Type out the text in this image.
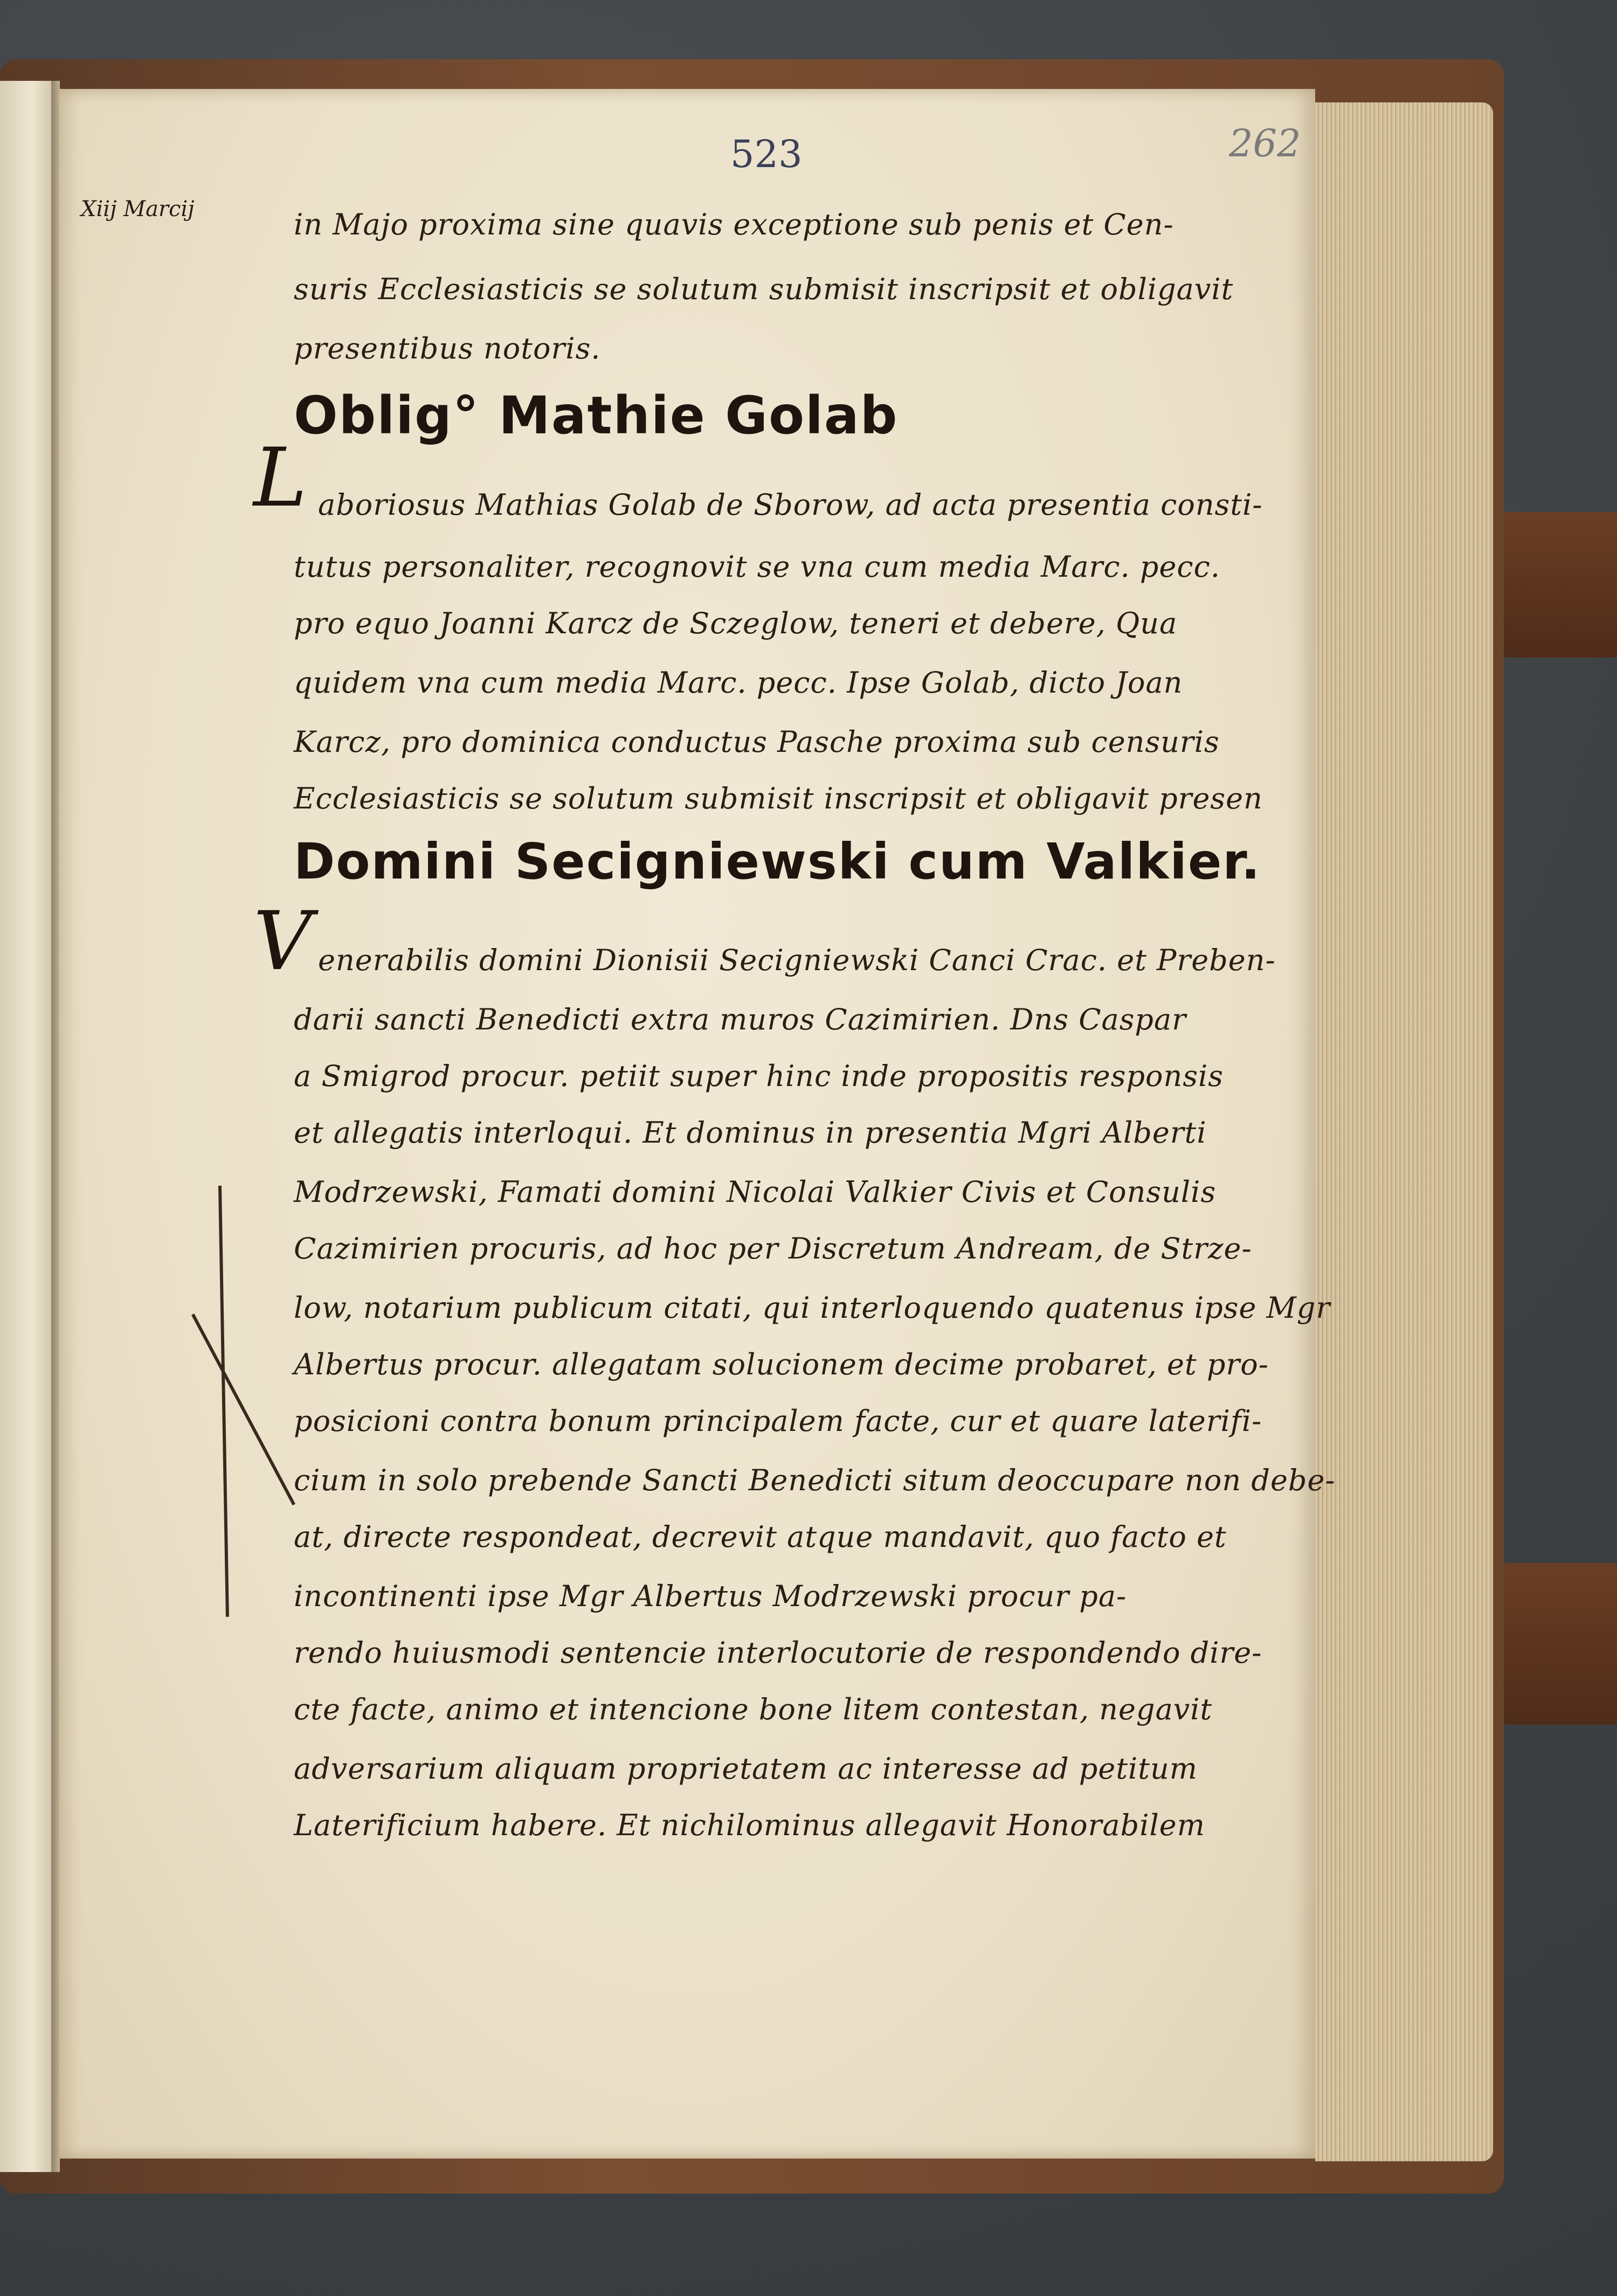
523	262
Xiij Marcij	in Majo proxima sine quavis exceptione sub penis et Cen-
suris Ecclesiasticis se solutum submisit inscripsit et obligavit
presentibus notoris.
Oblig° Mathie Golab
L aboriosus Mathias Golab de Sborow, ad acta presentia consti-
tutus personaliter, recognovit se vna cum media Marc. pecc.
pro equo Joanni Karcz de Sczeglow, teneri et debere, Qua
quidem vna cum media Marc. pecc. Ipse Golab, dicto Joan
Karcz, pro dominica conductus Pasche proxima sub censuris
Ecclesiasticis se solutum submisit inscripsit et obligavit presen
Domini Secigniewski cum Valkier.
V enerabilis domini Dionisii Secigniewski Canci Crac. et Preben-
darii sancti Benedicti extra muros Cazimirien. Dns Caspar
a Smigrod procur. petiit super hinc inde propositis responsis
et allegatis interloqui. Et dominus in presentia Mgri Alberti
Modrzewski, Famati domini Nicolai Valkier Civis et Consulis
Cazimirien procuris, ad hoc per Discretum Andream, de Strze-
low, notarium publicum citati, qui interloquendo quatenus ipse Mgr
Albertus procur. allegatam solucionem decime probaret, et pro-
posicioni contra bonum principalem facte, cur et quare laterifi-
cium in solo prebende Sancti Benedicti situm deoccupare non debe-
at, directe respondeat, decrevit atque mandavit, quo facto et
incontinenti ipse Mgr Albertus Modrzewski procur pa-
rendo huiusmodi sentencie interlocutorie de respondendo dire-
cte facte, animo et intencione bone litem contestan, negavit
adversarium aliquam proprietatem ac interesse ad petitum
Laterificium habere. Et nichilominus allegavit Honorabilem
